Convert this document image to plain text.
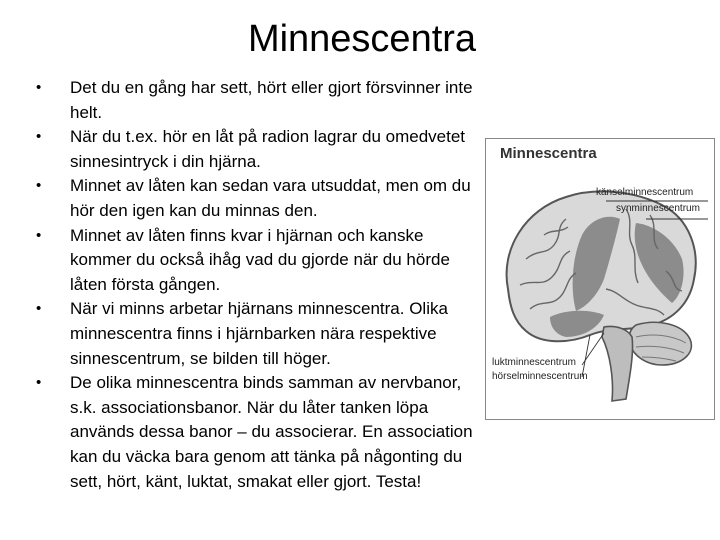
Minnescentra
• Det du en gång har sett, hört eller gjort försvinner inte helt.
• När du t.ex. hör en låt på radion lagrar du omedvetet sinnesintryck i din hjärna.
• Minnet av låten kan sedan vara utsuddat, men om du hör den igen kan du minnas den.
• Minnet av låten finns kvar i hjärnan och kanske kommer du också ihåg vad du gjorde när du hörde låten första gången.
• När vi minns arbetar hjärnans minnescentra. Olika minnescentra finns i hjärnbarken nära respektive sinnescentrum, se bilden till höger.
• De olika minnescentra binds samman av nervbanor, s.k. associationsbanor. När du låter tanken löpa används dessa banor – du associerar. En association kan du väcka bara genom att tänka på någonting du sett, hört, känt, luktat, smakat eller gjort. Testa!
Minnescentra
känselminnescentrum
synminnescentrum
luktminnescentrum
hörselminnescentrum
